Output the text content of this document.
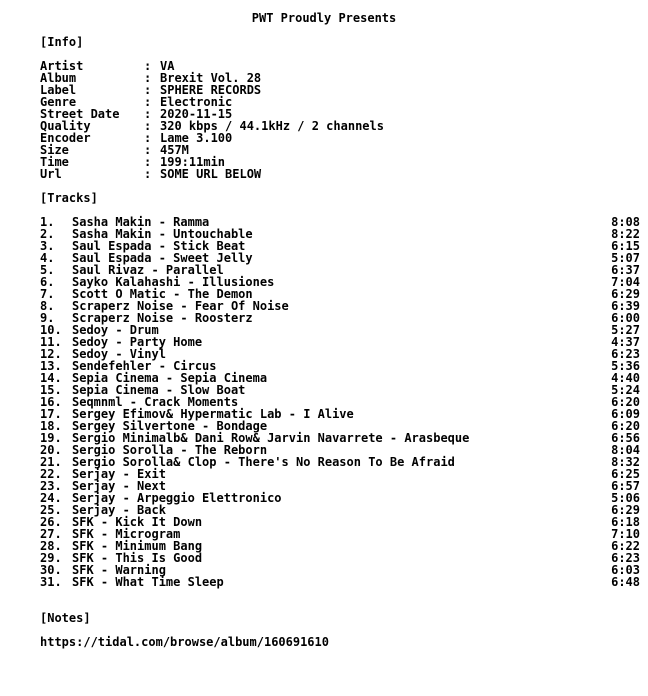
PWT Proudly Presents
[Info]
Artist	: VA
Album	: Brexit Vol. 28
Label	: SPHERE RECORDS
Genre	: Electronic
Street Date : 2020-11-15
Quality	: 320 kbps / 44.1kHz / 2 channels
Encoder	: Lame 3.100
Size	: 457M
Time	: 199:11min
Url	: SOME URL BELOW
[Tracks]
1. Sasha Makin - Ramma	8:08
2. Sasha Makin - Untouchable	8:22
3. Saul Espada - Stick Beat	6:15
4. Saul Espada - Sweet Jelly	5:07
5. Saul Rivaz - Parallel	6:37
6. Sayko Kalahashi - Illusiones	7:04
7. Scott O Matic - The Demon	6:29
8. Scraperz Noise - Fear Of Noise	6:39
9. Scraperz Noise - Roosterz	6:00
10. Sedoy - Drum	5:27
11. Sedoy - Party Home	4:37
12. Sedoy - Vinyl	6:23
13. Sendefehler - Circus	5:36
14. Sepia Cinema - Sepia Cinema	4:40
15. Sepia Cinema - Slow Boat	5:24
16. Seqmnml - Crack Moments	6:20
17. Sergey Efimov& Hypermatic Lab - I Alive	6:09
18. Sergey Silvertone - Bondage	6:20
19. Sergio Minimalb& Dani Row& Jarvin Navarrete - Arasbeque	6:56
20. Sergio Sorolla - The Reborn	8:04
21. Sergio Sorolla& Clop - There's No Reason To Be Afraid	8:32
22. Serjay - Exit	6:25
23. Serjay - Next	6:57
24. Serjay - Arpeggio Elettronico	5:06
25. Serjay - Back	6:29
26. SFK - Kick It Down	6:18
27. SFK - Microgram	7:10
28. SFK - Minimum Bang	6:22
29. SFK - This Is Good	6:23
30. SFK - Warning	6:03
31. SFK - What Time Sleep	6:48
[Notes]
https://tidal.com/browse/album/160691610
